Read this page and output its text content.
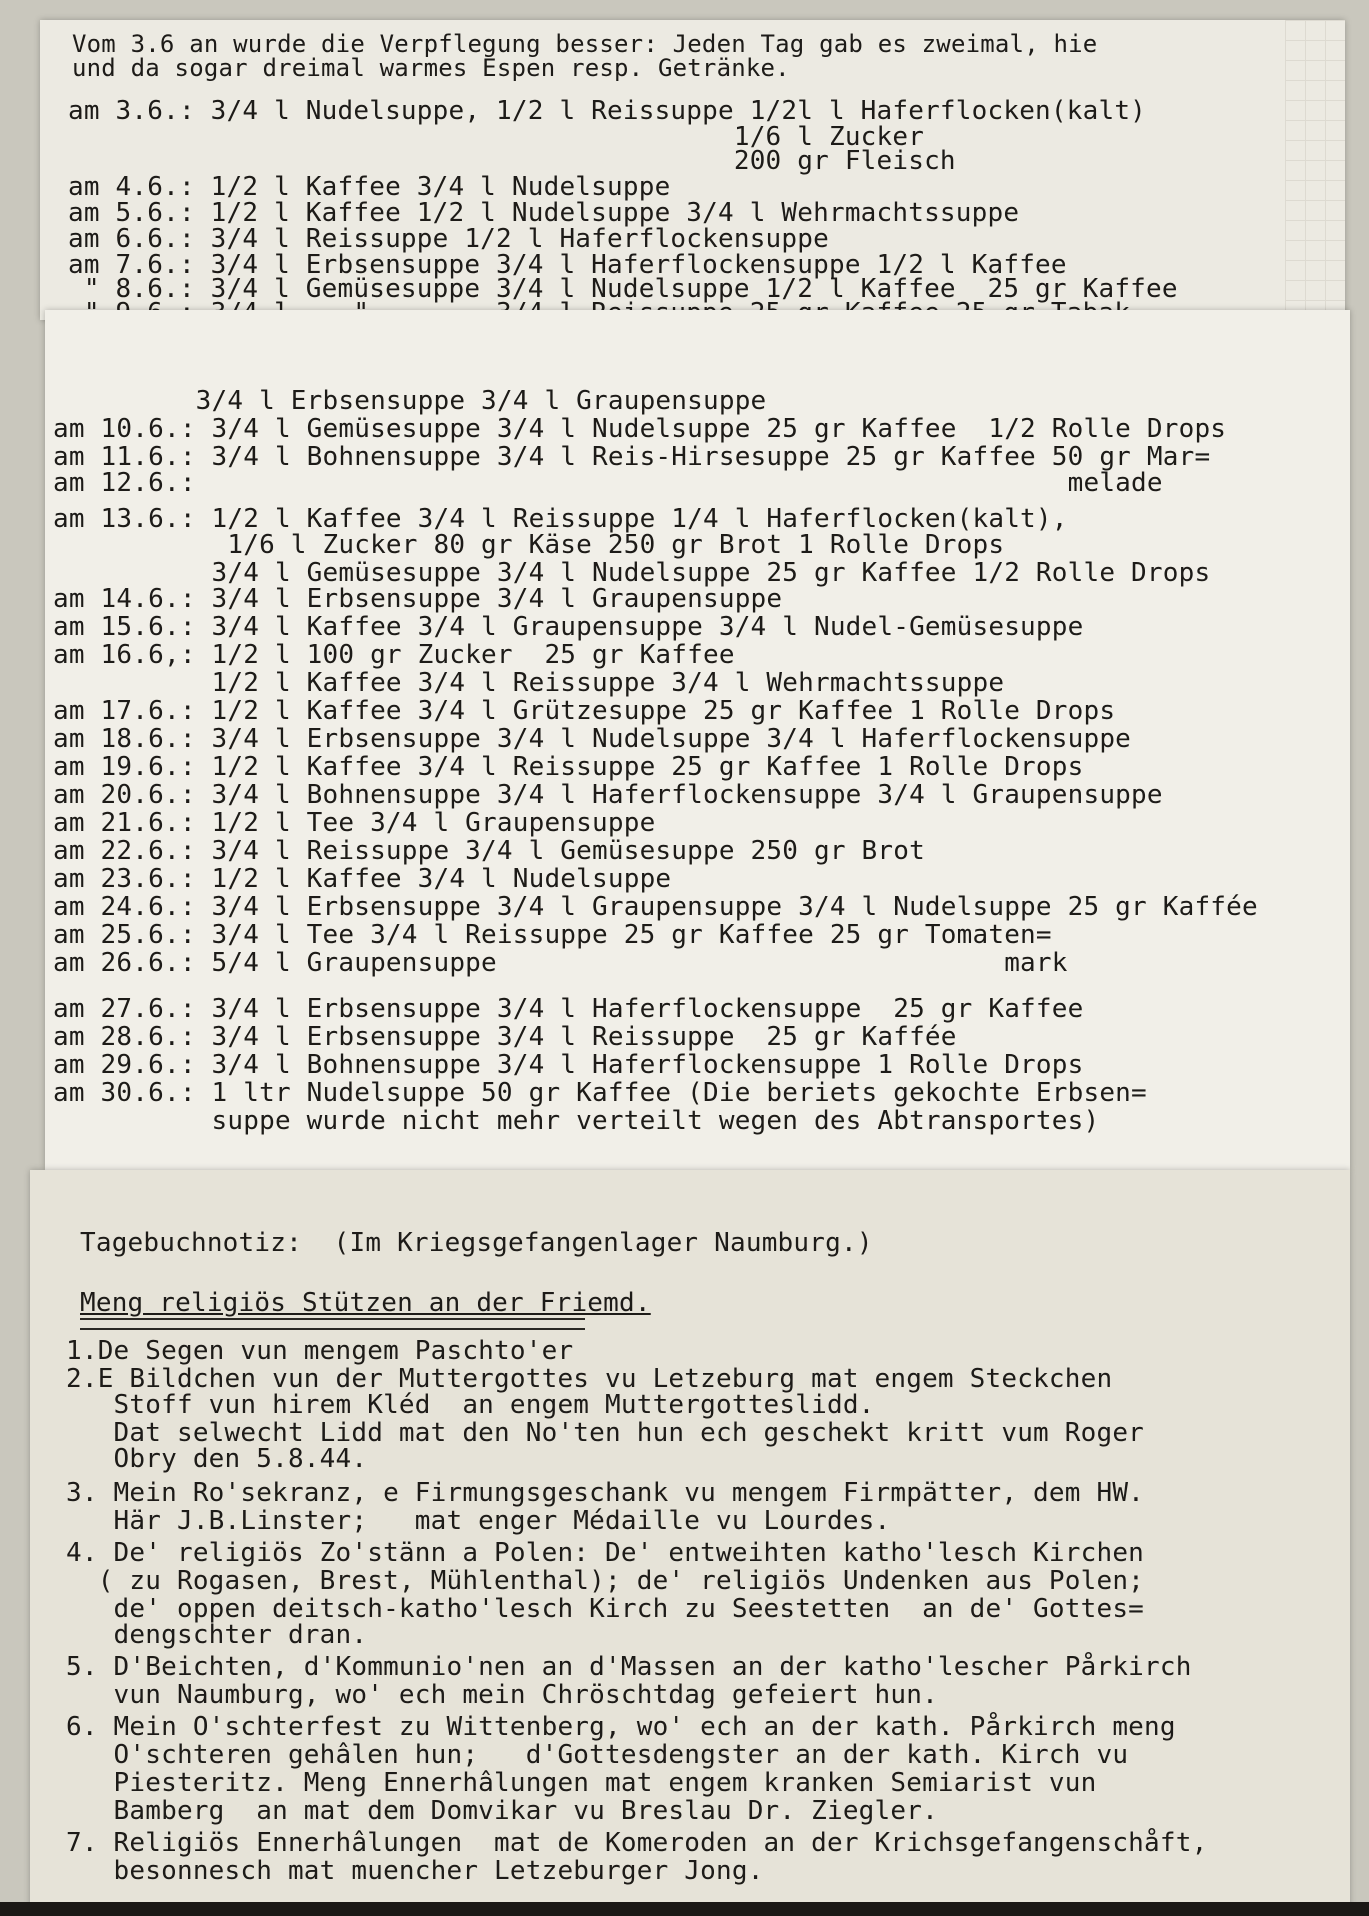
Vom 3.6 an wurde die Verpflegung besser: Jeden Tag gab es zweimal, hie
und da sogar dreimal warmes Espen resp. Getränke.
am 3.6.: 3/4 l Nudelsuppe, 1/2 l Reissuppe 1/2l l Haferflocken(kalt)
1/6 l Zucker
200 gr Fleisch
am 4.6.: 1/2 l Kaffee 3/4 l Nudelsuppe
am 5.6.: 1/2 l Kaffee 1/2 l Nudelsuppe 3/4 l Wehrmachtssuppe
am 6.6.: 3/4 l Reissuppe 1/2 l Haferflockensuppe
am 7.6.: 3/4 l Erbsensuppe 3/4 l Haferflockensuppe 1/2 l Kaffee
" 8.6.: 3/4 l Gemüsesuppe 3/4 l Nudelsuppe 1/2 l Kaffee  25 gr Kaffee
3/4 l Erbsensuppe 3/4 l Graupensuppe
am 10.6.: 3/4 l Gemüsesuppe 3/4 l Nudelsuppe 25 gr Kaffee  1/2 Rolle Drops
am 11.6.: 3/4 l Bohnensuppe 3/4 l Reis-Hirsesuppe 25 gr Kaffee 50 gr Mar=
am 12.6.:                                                       melade
am 13.6.: 1/2 l Kaffee 3/4 l Reissuppe 1/4 l Haferflocken(kalt),
1/6 l Zucker 80 gr Käse 250 gr Brot 1 Rolle Drops
3/4 l Gemüsesuppe 3/4 l Nudelsuppe 25 gr Kaffee 1/2 Rolle Drops
am 14.6.: 3/4 l Erbsensuppe 3/4 l Graupensuppe
am 15.6.: 3/4 l Kaffee 3/4 l Graupensuppe 3/4 l Nudel-Gemüsesuppe
am 16.6,: 1/2 l 100 gr Zucker  25 gr Kaffee
1/2 l Kaffee 3/4 l Reissuppe 3/4 l Wehrmachtssuppe
am 17.6.: 1/2 l Kaffee 3/4 l Grützesuppe 25 gr Kaffee 1 Rolle Drops
am 18.6.: 3/4 l Erbsensuppe 3/4 l Nudelsuppe 3/4 l Haferflockensuppe
am 19.6.: 1/2 l Kaffee 3/4 l Reissuppe 25 gr Kaffee 1 Rolle Drops
am 20.6.: 3/4 l Bohnensuppe 3/4 l Haferflockensuppe 3/4 l Graupensuppe
am 21.6.: 1/2 l Tee 3/4 l Graupensuppe
am 22.6.: 3/4 l Reissuppe 3/4 l Gemüsesuppe 250 gr Brot
am 23.6.: 1/2 l Kaffee 3/4 l Nudelsuppe
am 24.6.: 3/4 l Erbsensuppe 3/4 l Graupensuppe 3/4 l Nudelsuppe 25 gr Kaffée
am 25.6.: 3/4 l Tee 3/4 l Reissuppe 25 gr Kaffee 25 gr Tomaten=
am 26.6.: 5/4 l Graupensuppe                                mark
am 27.6.: 3/4 l Erbsensuppe 3/4 l Haferflockensuppe  25 gr Kaffee
am 28.6.: 3/4 l Erbsensuppe 3/4 l Reissuppe  25 gr Kaffée
am 29.6.: 3/4 l Bohnensuppe 3/4 l Haferflockensuppe 1 Rolle Drops
am 30.6.: 1 ltr Nudelsuppe 50 gr Kaffee (Die beriets gekochte Erbsen=
suppe wurde nicht mehr verteilt wegen des Abtransportes)
Tagebuchnotiz:  (Im Kriegsgefangenlager Naumburg.)
Meng religiös Stützen an der Friemd.
1.De Segen vun mengem Paschto'er
2.E Bildchen vun der Muttergottes vu Letzeburg mat engem Steckchen
Stoff vun hirem Kléd  an engem Muttergotteslidd.
Dat selwecht Lidd mat den No'ten hun ech geschekt kritt vum Roger
Obry den 5.8.44.
3. Mein Ro'sekranz, e Firmungsgeschank vu mengem Firmpätter, dem HW.
Här J.B.Linster;   mat enger Médaille vu Lourdes.
4. De' religiös Zo'stänn a Polen: De' entweihten katho'lesch Kirchen
( zu Rogasen, Brest, Mühlenthal); de' religiös Undenken aus Polen;
de' oppen deitsch-katho'lesch Kirch zu Seestetten  an de' Gottes=
dengschter dran.
5. D'Beichten, d'Kommunio'nen an d'Massen an der katho'lescher Pårkirch
vun Naumburg, wo' ech mein Chröschtdag gefeiert hun.
6. Mein O'schterfest zu Wittenberg, wo' ech an der kath. Pårkirch meng
O'schteren gehâlen hun;   d'Gottesdengster an der kath. Kirch vu
Piesteritz. Meng Ennerhâlungen mat engem kranken Semiarist vun
Bamberg  an mat dem Domvikar vu Breslau Dr. Ziegler.
7. Religiös Ennerhâlungen  mat de Komeroden an der Krichsgefangenschåft,
besonnesch mat muencher Letzeburger Jong.
